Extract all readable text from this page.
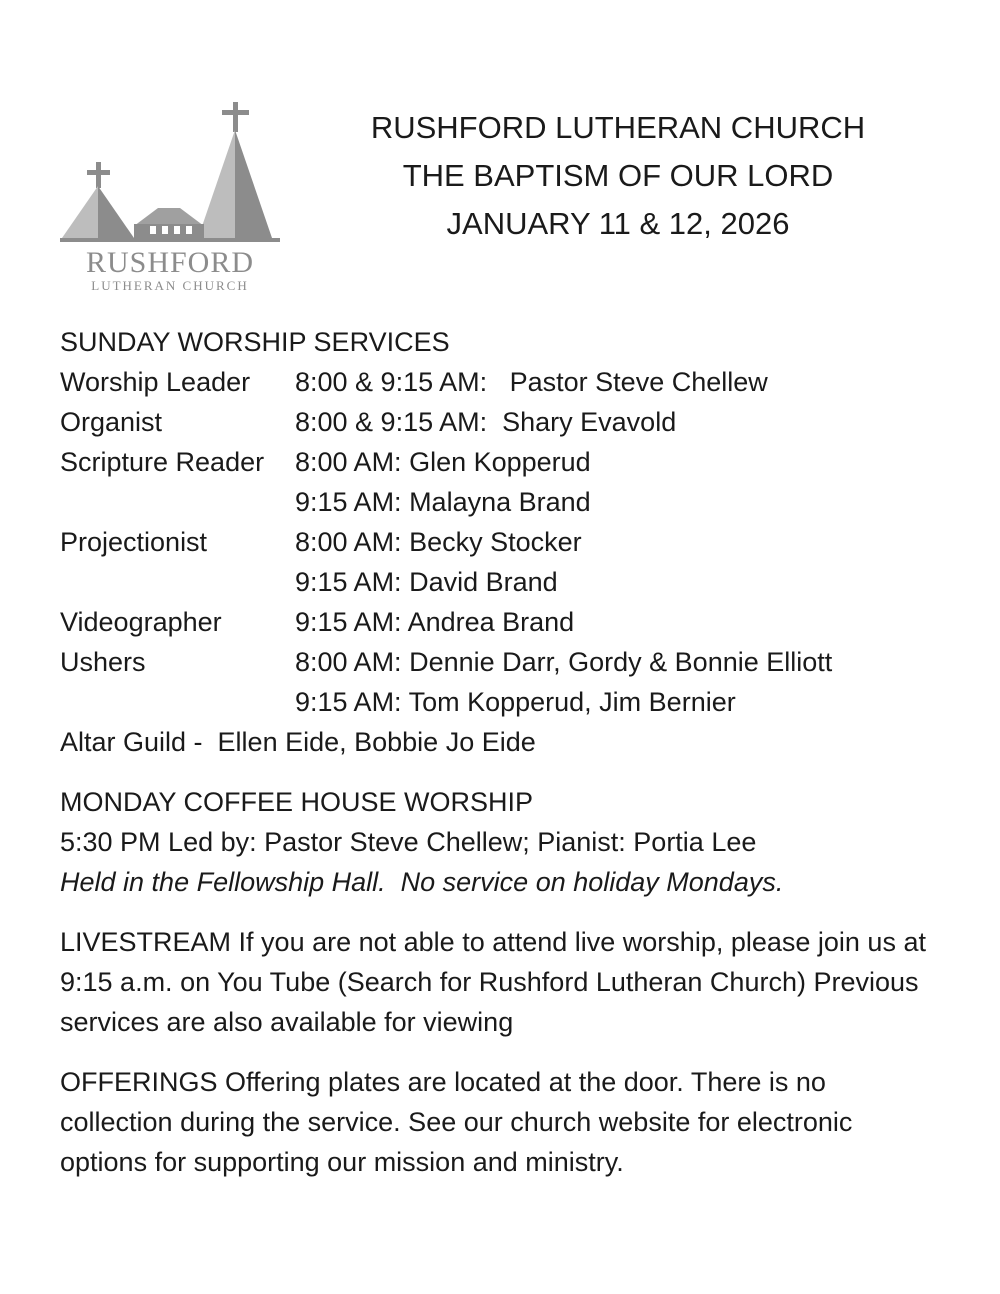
RUSHFORD
LUTHERAN CHURCH
RUSHFORD LUTHERAN CHURCH
THE BAPTISM OF OUR LORD
JANUARY 11 & 12, 2026
SUNDAY WORSHIP SERVICES
Worship Leader	8:00 & 9:15 AM:   Pastor Steve Chellew
Organist	8:00 & 9:15 AM:  Shary Evavold
Scripture Reader	8:00 AM: Glen Kopperud
9:15 AM: Malayna Brand
Projectionist	8:00 AM: Becky Stocker
9:15 AM: David Brand
Videographer	9:15 AM: Andrea Brand
Ushers	8:00 AM: Dennie Darr, Gordy & Bonnie Elliott
9:15 AM: Tom Kopperud, Jim Bernier
Altar Guild -  Ellen Eide, Bobbie Jo Eide
MONDAY COFFEE HOUSE WORSHIP
5:30 PM Led by: Pastor Steve Chellew; Pianist: Portia Lee
Held in the Fellowship Hall.  No service on holiday Mondays.
LIVESTREAM If you are not able to attend live worship, please join us at 9:15 a.m. on You Tube (Search for Rushford Lutheran Church) Previous services are also available for viewing
OFFERINGS Offering plates are located at the door. There is no collection during the service. See our church website for electronic options for supporting our mission and ministry.
